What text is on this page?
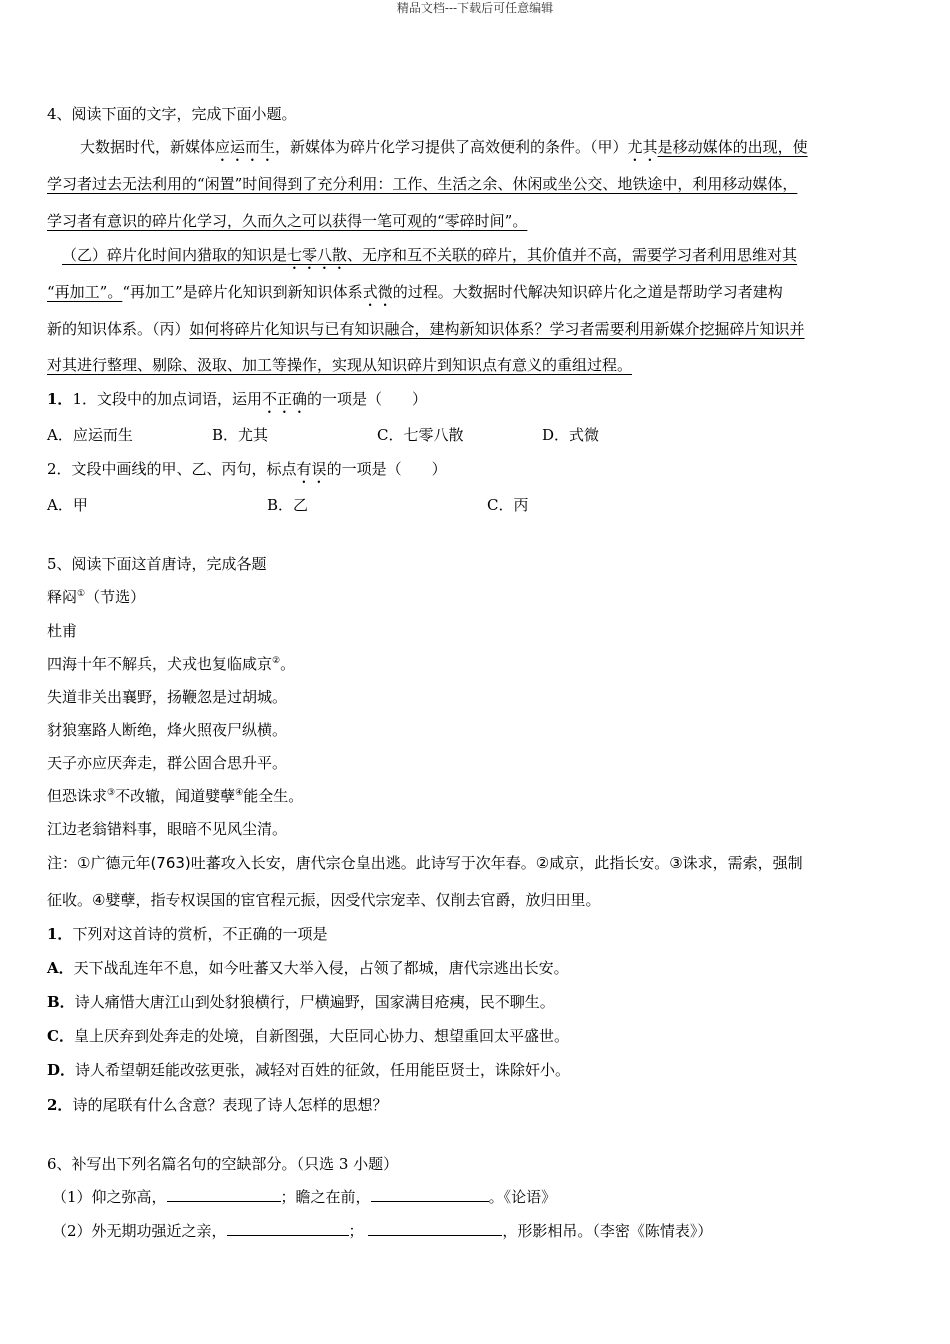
精品文档---下载后可任意编辑
4、阅读下面的文字，完成下面小题。
大数据时代，新媒体应运而生，新媒体为碎片化学习提供了高效便利的条件。（甲）尤其是移动媒体的出现，使
学习者过去无法利用的“闲置”时间得到了充分利用：工作、生活之余、休闲或坐公交、地铁途中，利用移动媒体，
学习者有意识的碎片化学习，久而久之可以获得一笔可观的“零碎时间”。
（乙）碎片化时间内猎取的知识是七零八散、无序和互不关联的碎片，其价值并不高，需要学习者利用思维对其
“再加工”。“再加工”是碎片化知识到新知识体系式微的过程。大数据时代解决知识碎片化之道是帮助学习者建构
新的知识体系。（丙）如何将碎片化知识与已有知识融合，建构新知识体系？学习者需要利用新媒介挖掘碎片知识并
对其进行整理、剔除、汲取、加工等操作，实现从知识碎片到知识点有意义的重组过程。
1．1．文段中的加点词语，运用不正确的一项是（　　）
A．应运而生	B．尤其	C．七零八散	D．式微
2．文段中画线的甲、乙、丙句，标点有误的一项是（　　）
A．甲	B．乙	C．丙
5、阅读下面这首唐诗，完成各题
释闷①（节选）
杜甫
四海十年不解兵，犬戎也复临咸京②。
失道非关出襄野，扬鞭忽是过胡城。
豺狼塞路人断绝，烽火照夜尸纵横。
天子亦应厌奔走，群公固合思升平。
但恐诛求③不改辙，闻道嬖孽④能全生。
江边老翁错料事，眼暗不见风尘清。
注：①广德元年(763)吐蕃攻入长安，唐代宗仓皇出逃。此诗写于次年春。②咸京，此指长安。③诛求，需索，强制
征收。④嬖孽，指专权误国的宦官程元振，因受代宗宠幸、仅削去官爵，放归田里。
1．下列对这首诗的赏析，不正确的一项是
A．天下战乱连年不息，如今吐蕃又大举入侵，占领了都城，唐代宗逃出长安。
B．诗人痛惜大唐江山到处豺狼横行，尸横遍野，国家满目疮痍，民不聊生。
C．皇上厌弃到处奔走的处境，自新图强，大臣同心协力、想望重回太平盛世。
D．诗人希望朝廷能改弦更张，减轻对百姓的征敛，任用能臣贤士，诛除奸小。
2．诗的尾联有什么含意？表现了诗人怎样的思想？
6、补写出下列名篇名句的空缺部分。（只选 3 小题）
（1）仰之弥高，	；瞻之在前，	。《论语》
（2）外无期功强近之亲，	；	，形影相吊。（李密《陈情表》）
